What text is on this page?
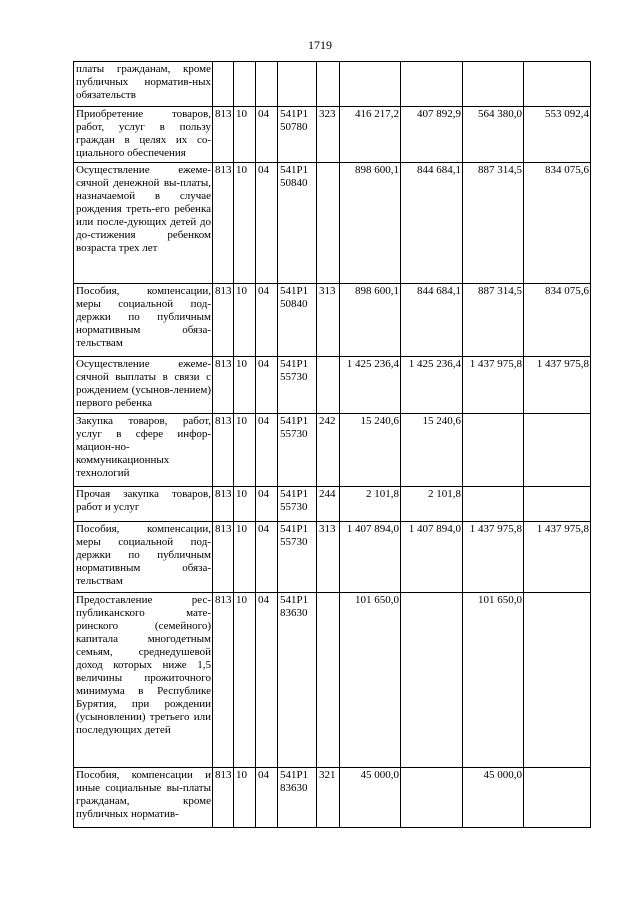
1719
платы гражданам, кроме публичных норматив-ных обязательств									
Приобретение товаров, работ, услуг в пользу граждан в целях их со-циального обеспечения	813	10	04	541Р1 50780	323	416 217,2	407 892,9	564 380,0	553 092,4
Осуществление ежеме-сячной денежной вы-платы, назначаемой в случае рождения треть-его ребенка или после-дующих детей до до-стижения ребенком возраста трех лет	813	10	04	541Р1 50840		898 600,1	844 684,1	887 314,5	834 075,6
Пособия, компенсации, меры социальной под-держки по публичным нормативным обяза-тельствам	813	10	04	541Р1 50840	313	898 600,1	844 684,1	887 314,5	834 075,6
Осуществление ежеме-сячной выплаты в связи с рождением (усынов-лением) первого ребенка	813	10	04	541Р1 55730		1 425 236,4	1 425 236,4	1 437 975,8	1 437 975,8
Закупка товаров, работ, услуг в сфере инфор-мацион-но-коммуникационных технологий	813	10	04	541Р1 55730	242	15 240,6	15 240,6		
Прочая закупка товаров, работ и услуг	813	10	04	541Р1 55730	244	2 101,8	2 101,8		
Пособия, компенсации, меры социальной под-держки по публичным нормативным обяза-тельствам	813	10	04	541Р1 55730	313	1 407 894,0	1 407 894,0	1 437 975,8	1 437 975,8
Предоставление рес-публиканского мате-ринского (семейного) капитала многодетным семьям, среднедушевой доход которых ниже 1,5 величины прожиточного минимума в Республике Бурятия, при рождении (усыновлении) третьего или последующих детей	813	10	04	541Р1 83630		101 650,0		101 650,0	
Пособия, компенсации и иные социальные вы-платы гражданам, кроме публичных норматив-	813	10	04	541Р1 83630	321	45 000,0		45 000,0	
